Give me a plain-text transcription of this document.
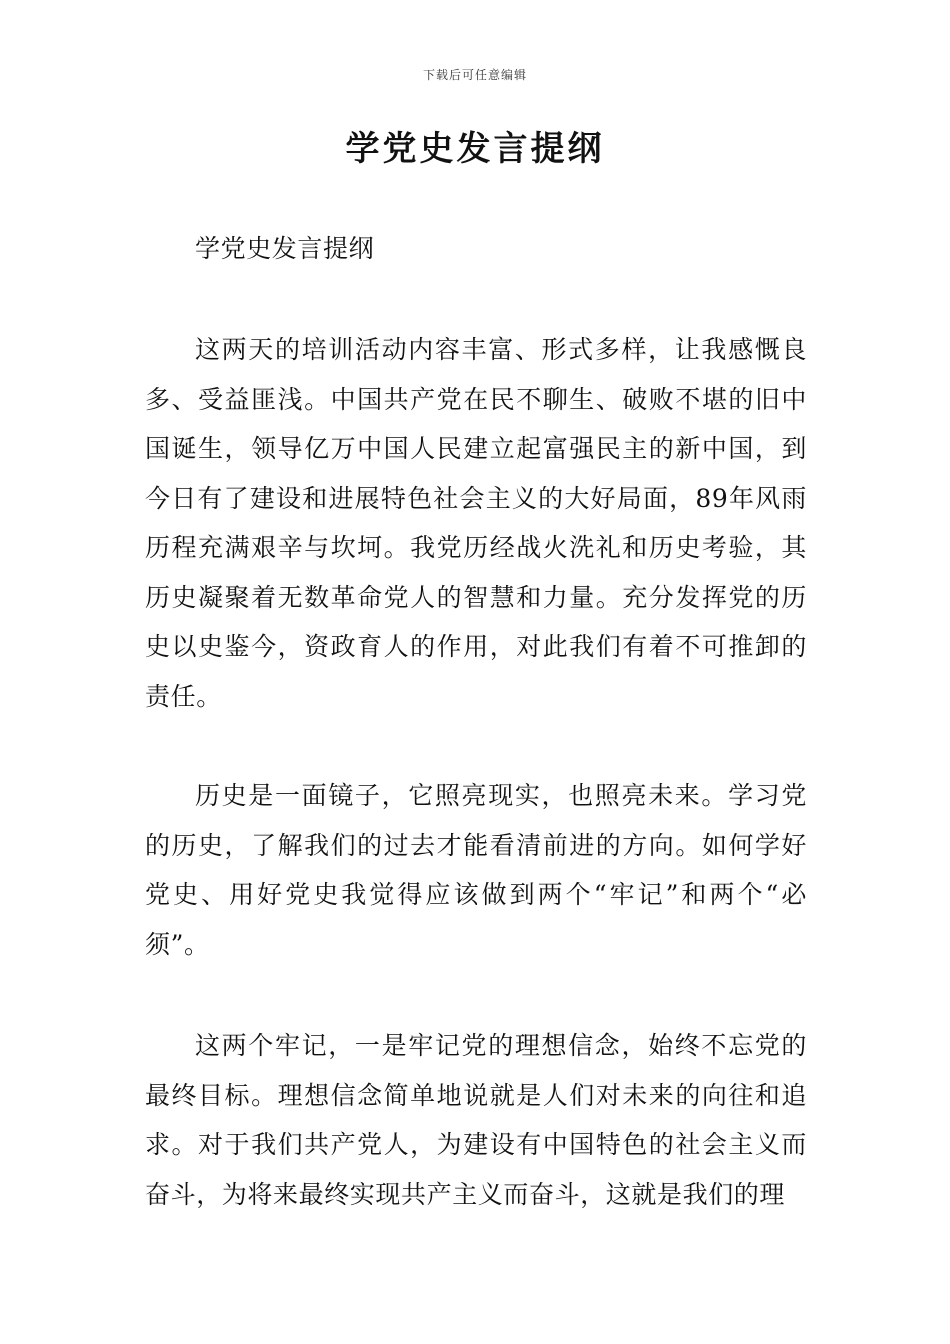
下载后可任意编辑
学党史发言提纲

学党史发言提纲

这两天的培训活动内容丰富、形式多样，让我感慨良多、受益匪浅。中国共产党在民不聊生、破败不堪的旧中国诞生，领导亿万中国人民建立起富强民主的新中国，到今日有了建设和进展特色社会主义的大好局面，89年风雨历程充满艰辛与坎坷。我党历经战火洗礼和历史考验，其历史凝聚着无数革命党人的智慧和力量。充分发挥党的历史以史鉴今，资政育人的作用，对此我们有着不可推卸的责任。

历史是一面镜子，它照亮现实，也照亮未来。学习党的历史，了解我们的过去才能看清前进的方向。如何学好党史、用好党史我觉得应该做到两个“牢记”和两个“必须”。

这两个牢记，一是牢记党的理想信念，始终不忘党的最终目标。理想信念简单地说就是人们对未来的向往和追求。对于我们共产党人，为建设有中国特色的社会主义而奋斗，为将来最终实现共产主义而奋斗，这就是我们的理
